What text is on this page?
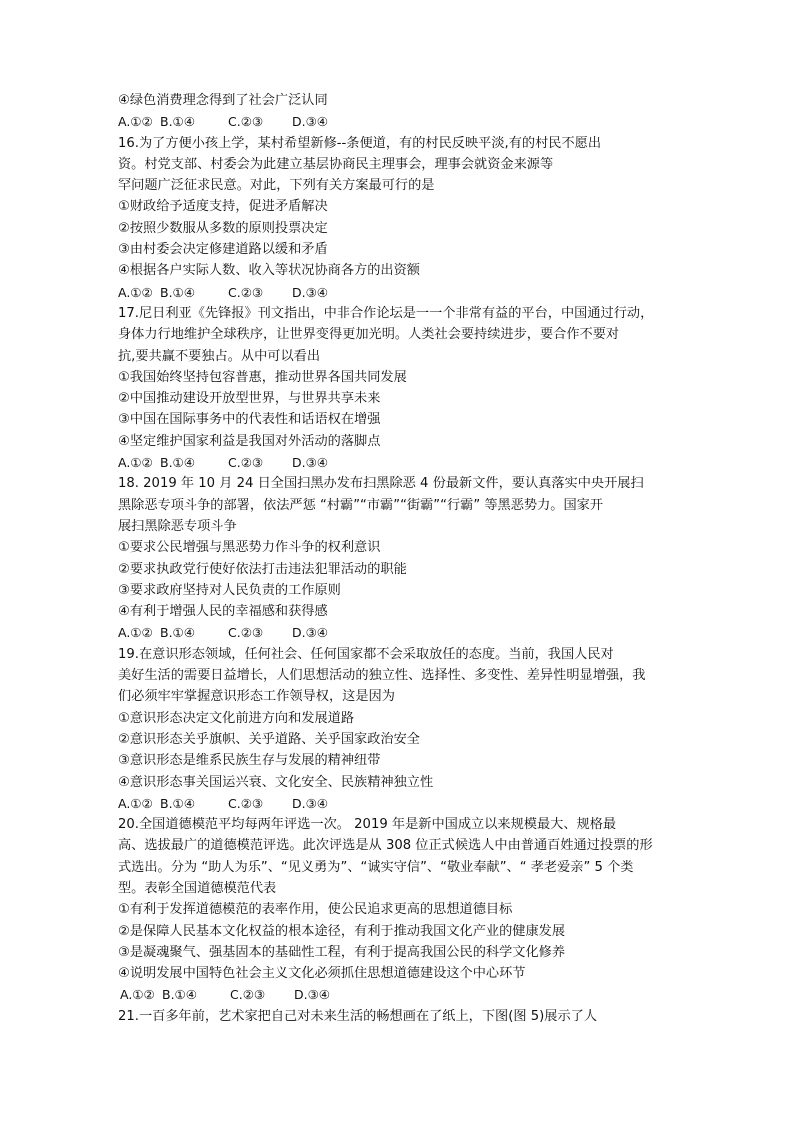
④绿色消费理念得到了社会广泛认同
A.①② B.①④	C.②③ D.③④
16.为了方便小孩上学，某村希望新修--条便道，有的村民反映平淡,有的村民不愿出
资。村党支部、村委会为此建立基层协商民主理事会，理事会就资金来源等
罕问题广泛征求民意。对此，下列有关方案最可行的是
①财政给予适度支持，促进矛盾解决
②按照少数服从多数的原则投票决定
③由村委会决定修建道路以缓和矛盾
④根据各户实际人数、收入等状况协商各方的出资额
A.①② B.①④	C.②③ D.③④
17.尼日利亚《先锋报》刊文指出，中非合作论坛是一一个非常有益的平台，中国通过行动，
身体力行地维护全球秩序，让世界变得更加光明。人类社会要持续进步，要合作不要对
抗,要共赢不要独占。从中可以看出
①我国始终坚持包容普惠，推动世界各国共同发展
②中国推动建设开放型世界，与世界共享未来
③中国在国际事务中的代表性和话语权在增强
④坚定维护国家利益是我国对外活动的落脚点
A.①② B.①④	C.②③ D.③④
18. 2019 年 10 月 24 日全国扫黑办发布扫黑除恶 4 份最新文件，要认真落实中央开展扫
黑除恶专项斗争的部署，依法严惩 “村霸”“市霸”“街霸”“行霸” 等黑恶势力。国家开
展扫黑除恶专项斗争
①要求公民增强与黑恶势力作斗争的权利意识
②要求执政党行使好依法打击违法犯罪活动的职能
③要求政府坚持对人民负责的工作原则
④有利于增强人民的幸福感和获得感
A.①② B.①④	C.②③ D.③④
19.在意识形态领域，任何社会、任何国家都不会采取放任的态度。当前，我国人民对
美好生活的需要日益增长，人们思想活动的独立性、选择性、多变性、差异性明显增强，我
们必须牢牢掌握意识形态工作领导权，这是因为
①意识形态决定文化前进方向和发展道路
②意识形态关乎旗帜、关乎道路、关乎国家政治安全
③意识形态是维系民族生存与发展的精神纽带
④意识形态事关国运兴衰、文化安全、民族精神独立性
A.①② B.①④	C.②③ D.③④
20.全国道德模范平均每两年评选一次。 2019 年是新中国成立以来规模最大、规格最
高、选拔最广的道德模范评选。此次评选是从 308 位正式候选人中由普通百姓通过投票的形
式选出。分为 “助人为乐”、“见义勇为”、“诚实守信”、“敬业奉献”、“ 孝老爱亲” 5 个类
型。表彰全国道德模范代表
①有利于发挥道德模范的表率作用，使公民追求更高的思想道德目标
②是保障人民基本文化权益的根本途径，有利于推动我国文化产业的健康发展
③是凝魂聚气、强基固本的基础性工程，有利于提高我国公民的科学文化修养
④说明发展中国特色社会主义文化必须抓住思想道德建设这个中心环节
A.①② B.①④	C.②③ D.③④
21.一百多年前，艺术家把自己对未来生活的畅想画在了纸上，下图(图 5)展示了人
